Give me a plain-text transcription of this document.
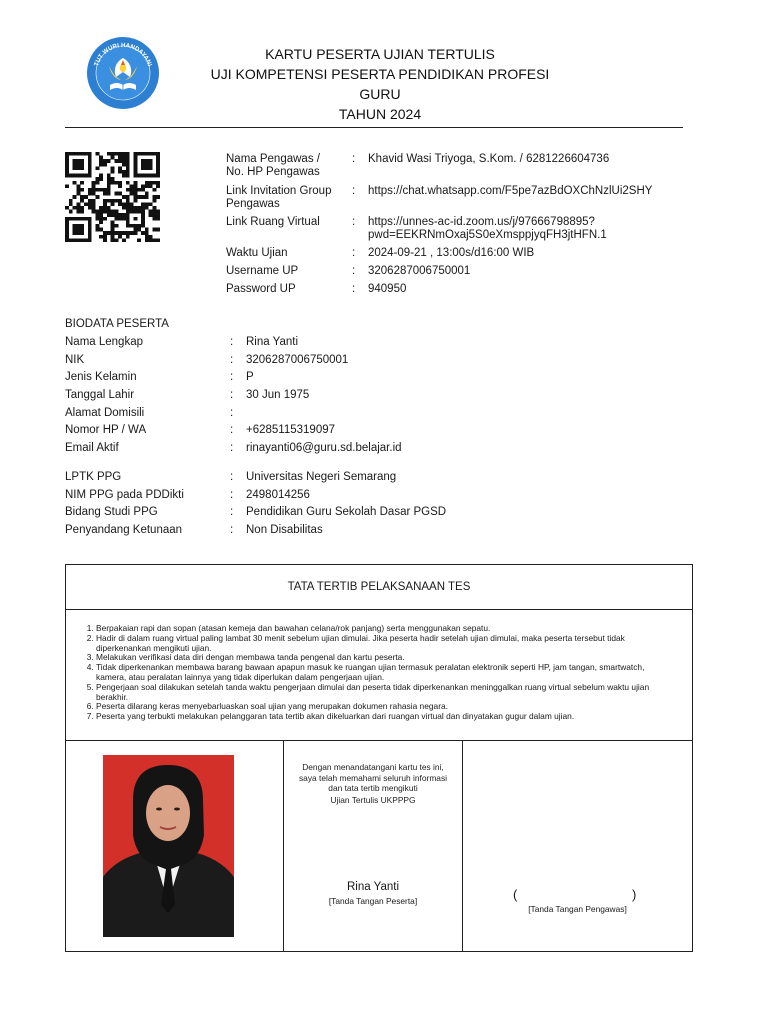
TUT WURI HANDAYANI
KARTU PESERTA UJIAN TERTULIS
UJI KOMPETENSI PESERTA PENDIDIKAN PROFESI GURU
TAHUN 2024
Nama Pengawas /
No. HP Pengawas
:	Khavid Wasi Triyoga, S.Kom. / 6281226604736
Link Invitation Group
Pengawas
:	https://chat.whatsapp.com/F5pe7azBdOXChNzlUi2SHY
Link Ruang Virtual	:	https://unnes-ac-id.zoom.us/j/97666798895?
pwd=EEKRNmOxaj5S0eXmsppjyqFH3jtHFN.1
Waktu Ujian	:	2024-09-21 , 13:00s/d16:00 WIB
Username UP	:	3206287006750001
Password UP	:	940950
BIODATA PESERTA
Nama Lengkap	:	Rina Yanti
NIK	:	3206287006750001
Jenis Kelamin	:	P
Tanggal Lahir	:	30 Jun 1975
Alamat Domisili	:
Nomor HP / WA	:	+6285115319097
Email Aktif	:	rinayanti06@guru.sd.belajar.id
LPTK PPG	:	Universitas Negeri Semarang
NIM PPG pada PDDikti	:	2498014256
Bidang Studi PPG	:	Pendidikan Guru Sekolah Dasar PGSD
Penyandang Ketunaan	:	Non Disabilitas
TATA TERTIB PELAKSANAAN TES
1. Berpakaian rapi dan sopan (atasan kemeja dan bawahan celana/rok panjang) serta menggunakan sepatu.
2. Hadir di dalam ruang virtual paling lambat 30 menit sebelum ujian dimulai. Jika peserta hadir setelah ujian dimulai, maka peserta tersebut tidak diperkenankan mengikuti ujian.
3. Melakukan verifikasi data diri dengan membawa tanda pengenal dan kartu peserta.
4. Tidak diperkenankan membawa barang bawaan apapun masuk ke ruangan ujian termasuk peralatan elektronik seperti HP, jam tangan, smartwatch, kamera, atau peralatan lainnya yang tidak diperlukan dalam pengerjaan ujian.
5. Pengerjaan soal dilakukan setelah tanda waktu pengerjaan dimulai dan peserta tidak diperkenankan meninggalkan ruang virtual sebelum waktu ujian berakhir.
6. Peserta dilarang keras menyebarluaskan soal ujian yang merupakan dokumen rahasia negara.
7. Peserta yang terbukti melakukan pelanggaran tata tertib akan dikeluarkan dari ruangan virtual dan dinyatakan gugur dalam ujian.
Dengan menandatangani kartu tes ini, saya telah memahami seluruh informasi dan tata tertib mengikuti
Ujian Tertulis UKPPPG
Rina Yanti
[Tanda Tangan Peserta]	(	)
[Tanda Tangan Pengawas]
